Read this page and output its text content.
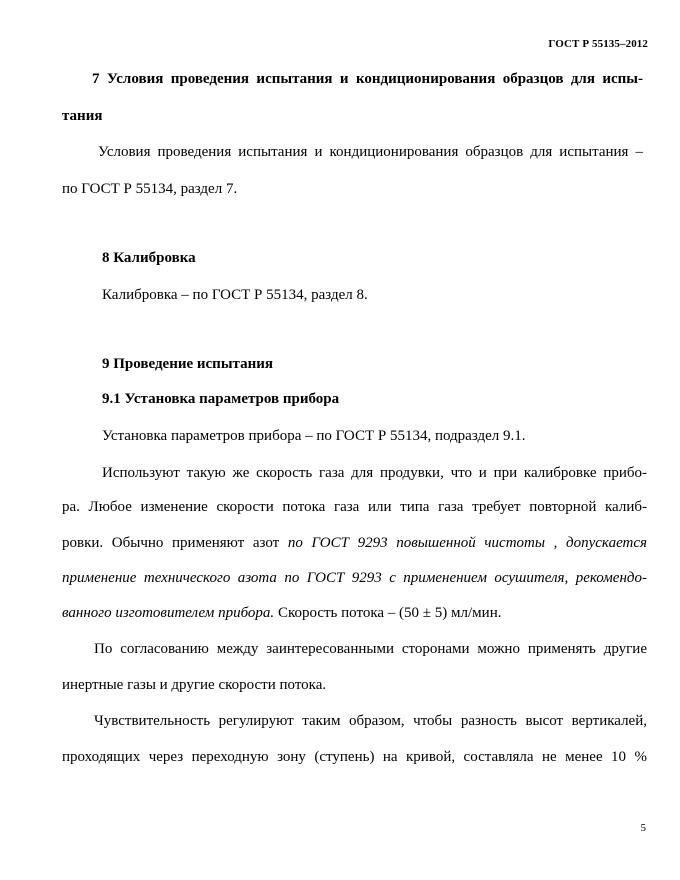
ГОСТ Р 55135–2012
7 Условия проведения испытания и кондиционирования образцов для испы-
тания
Условия проведения испытания и кондиционирования образцов для испытания –
по ГОСТ Р 55134, раздел 7.
8 Калибровка
Калибровка – по ГОСТ Р 55134, раздел 8.
9 Проведение испытания
9.1 Установка параметров прибора
Установка параметров прибора – по ГОСТ Р 55134, подраздел 9.1.
Используют такую же скорость газа для продувки, что и при калибровке прибо-
ра. Любое изменение скорости потока газа или типа газа требует повторной калиб-
ровки. Обычно применяют азот по ГОСТ 9293 повышенной чистоты , допускается
применение технического азота по ГОСТ 9293 с применением осушителя, рекомендо-
ванного изготовителем прибора. Скорость потока – (50 ± 5) мл/мин.
По согласованию между заинтересованными сторонами можно применять другие
инертные газы и другие скорости потока.
Чувствительность регулируют таким образом, чтобы разность высот вертикалей,
проходящих через переходную зону (ступень) на кривой, составляла не менее 10 %
5
